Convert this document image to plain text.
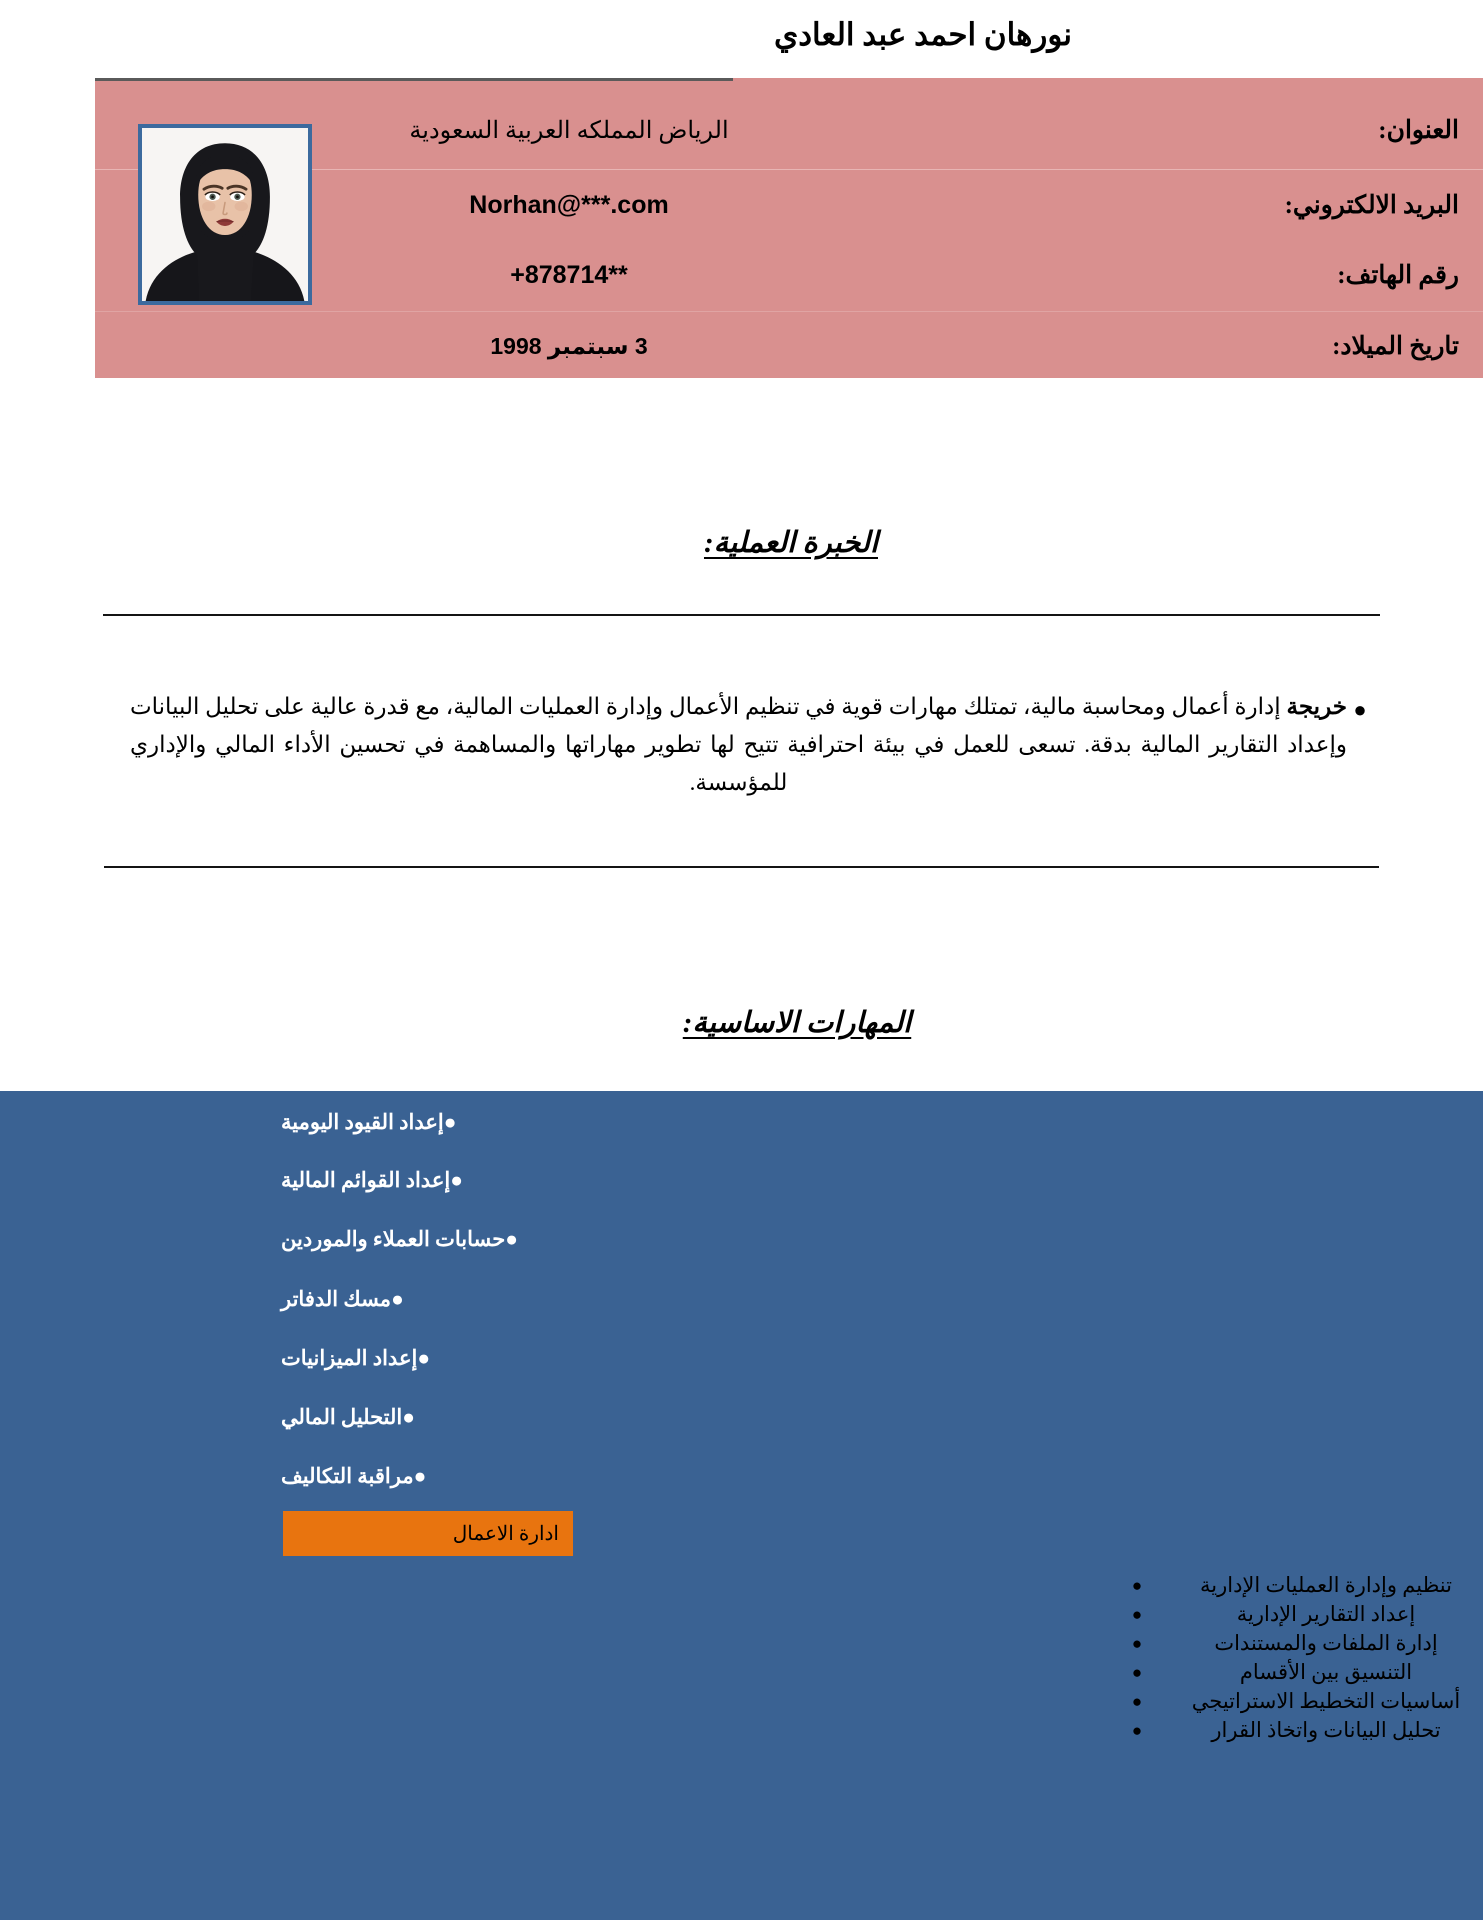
نورهان احمد عبد العادي
العنوان:
الرياض المملكه العربية السعودية
البريد الالكتروني:
Norhan@***.com
رقم الهاتف:
+878714**
تاريخ الميلاد:
3 سبتمبر 1998
الخبرة العملية:
●
خريجة إدارة أعمال ومحاسبة مالية، تمتلك مهارات قوية في تنظيم الأعمال وإدارة العمليات المالية، مع قدرة عالية على تحليل البيانات وإعداد التقارير المالية بدقة. تسعى للعمل في بيئة احترافية تتيح لها تطوير مهاراتها والمساهمة في تحسين الأداء المالي والإداري للمؤسسة.
المهارات الاساسية:
●إعداد القيود اليومية
●إعداد القوائم المالية
●حسابات العملاء والموردين
●مسك الدفاتر
●إعداد الميزانيات
●التحليل المالي
●مراقبة التكاليف
ادارة الاعمال
تنظيم وإدارة العمليات الإدارية
●
إعداد التقارير الإدارية
●
إدارة الملفات والمستندات
●
التنسيق بين الأقسام
●
أساسيات التخطيط الاستراتيجي
●
تحليل البيانات واتخاذ القرار
●
